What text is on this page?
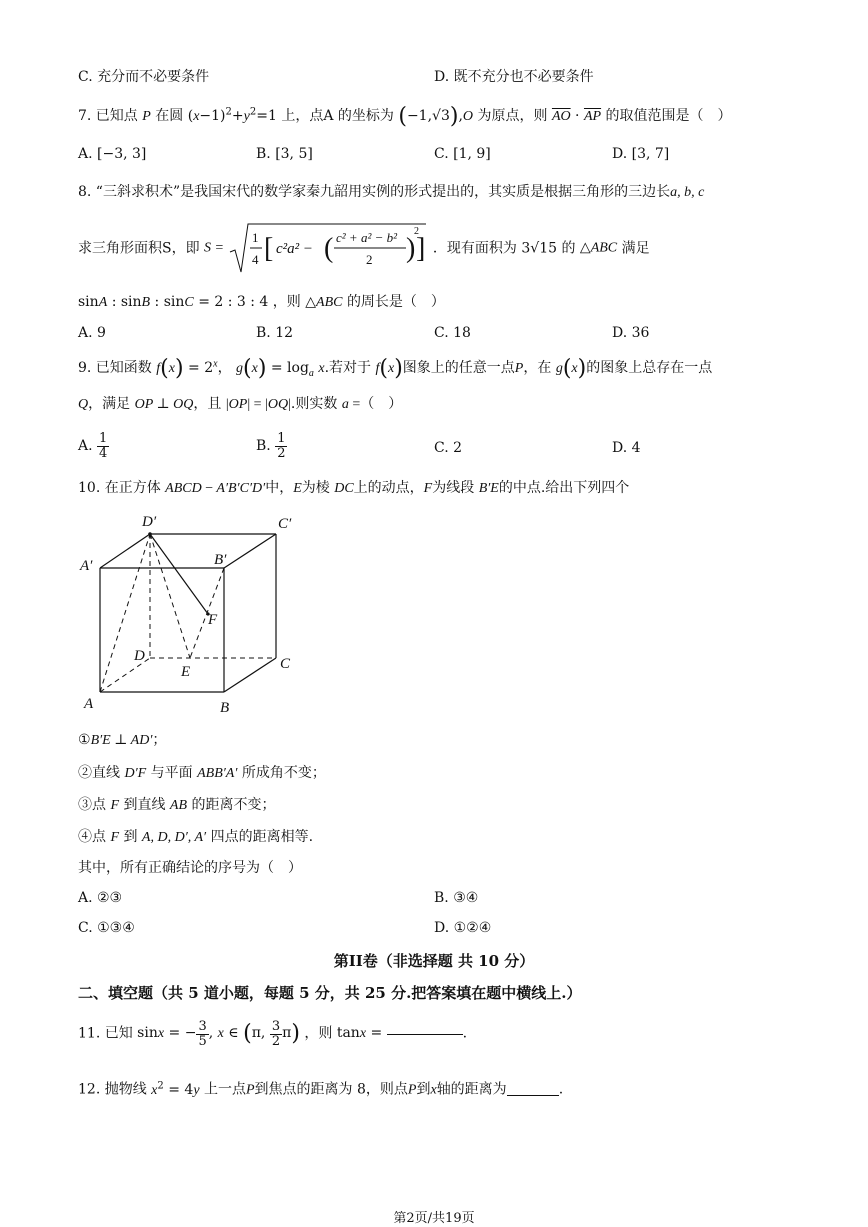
C. 充分而不必要条件	D. 既不充分也不必要条件
7. 已知点 P 在圆 $(x-1)^2+y^2=1$ 上，点A 的坐标为 (−1,√3),O 为原点，则 $\overline{AO} \cdot \overline{AP}$ 的取值范围是（　）
A. [−3, 3]	B. [3, 5]	C. [1, 9]	D. [3, 7]
8. “三斜求积术”是我国宋代的数学家秦九韶用实例的形式提出的，其实质是根据三角形的三边长a, b, c
求三角形面积S，即 S =
1
4 [ c²a² − ( c² + a² − b²
2 )
2
] ．现有面积为 3√15 的 △ABC 满足
sinA : sinB : sinC = 2 : 3 : 4 ，则 △ABC 的周长是（　）
A. 9	B. 12	C. 18	D. 36
9. 已知函数 $f(x) = 2^x$， $g(x) = \log_a x$.若对于 f(x)图象上的任意一点P，在 g(x)的图象上总存在一点
Q，满足 OP ⊥ OQ，且 |OP| = |OQ|.则实数 a =（　）
A. $\frac{1}{4}$	B. $\frac{1}{2}$	C. 2	D. 4
10. 在正方体 ABCD − A′B′C′D′中，E为棱 DC上的动点，F为线段 B′E的中点.给出下列四个
D′	C′
A′	B′
F
D
E	C
A	B
①B′E ⊥ AD′；
②直线 D′F 与平面 ABB′A′ 所成角不变；
③点 F 到直线 AB 的距离不变；
④点 F 到 A, D, D′, A′ 四点的距离相等.
其中，所有正确结论的序号为（　）
A. ②③	B. ③④
C. ①③④	D. ①②④
第II卷（非选择题 共 10 分）
二、填空题（共 5 道小题，每题 5 分，共 25 分.把答案填在题中横线上.）
11. 已知 sinx = − $\frac{3}{5}$ , x ∈ (π, $\frac{3}{2} \pi$) ，则 tanx =	.
12. 抛物线 $x^2 = 4y$ 上一点P到焦点的距离为 8，则点P到x轴的距离为	.
第2页/共19页
